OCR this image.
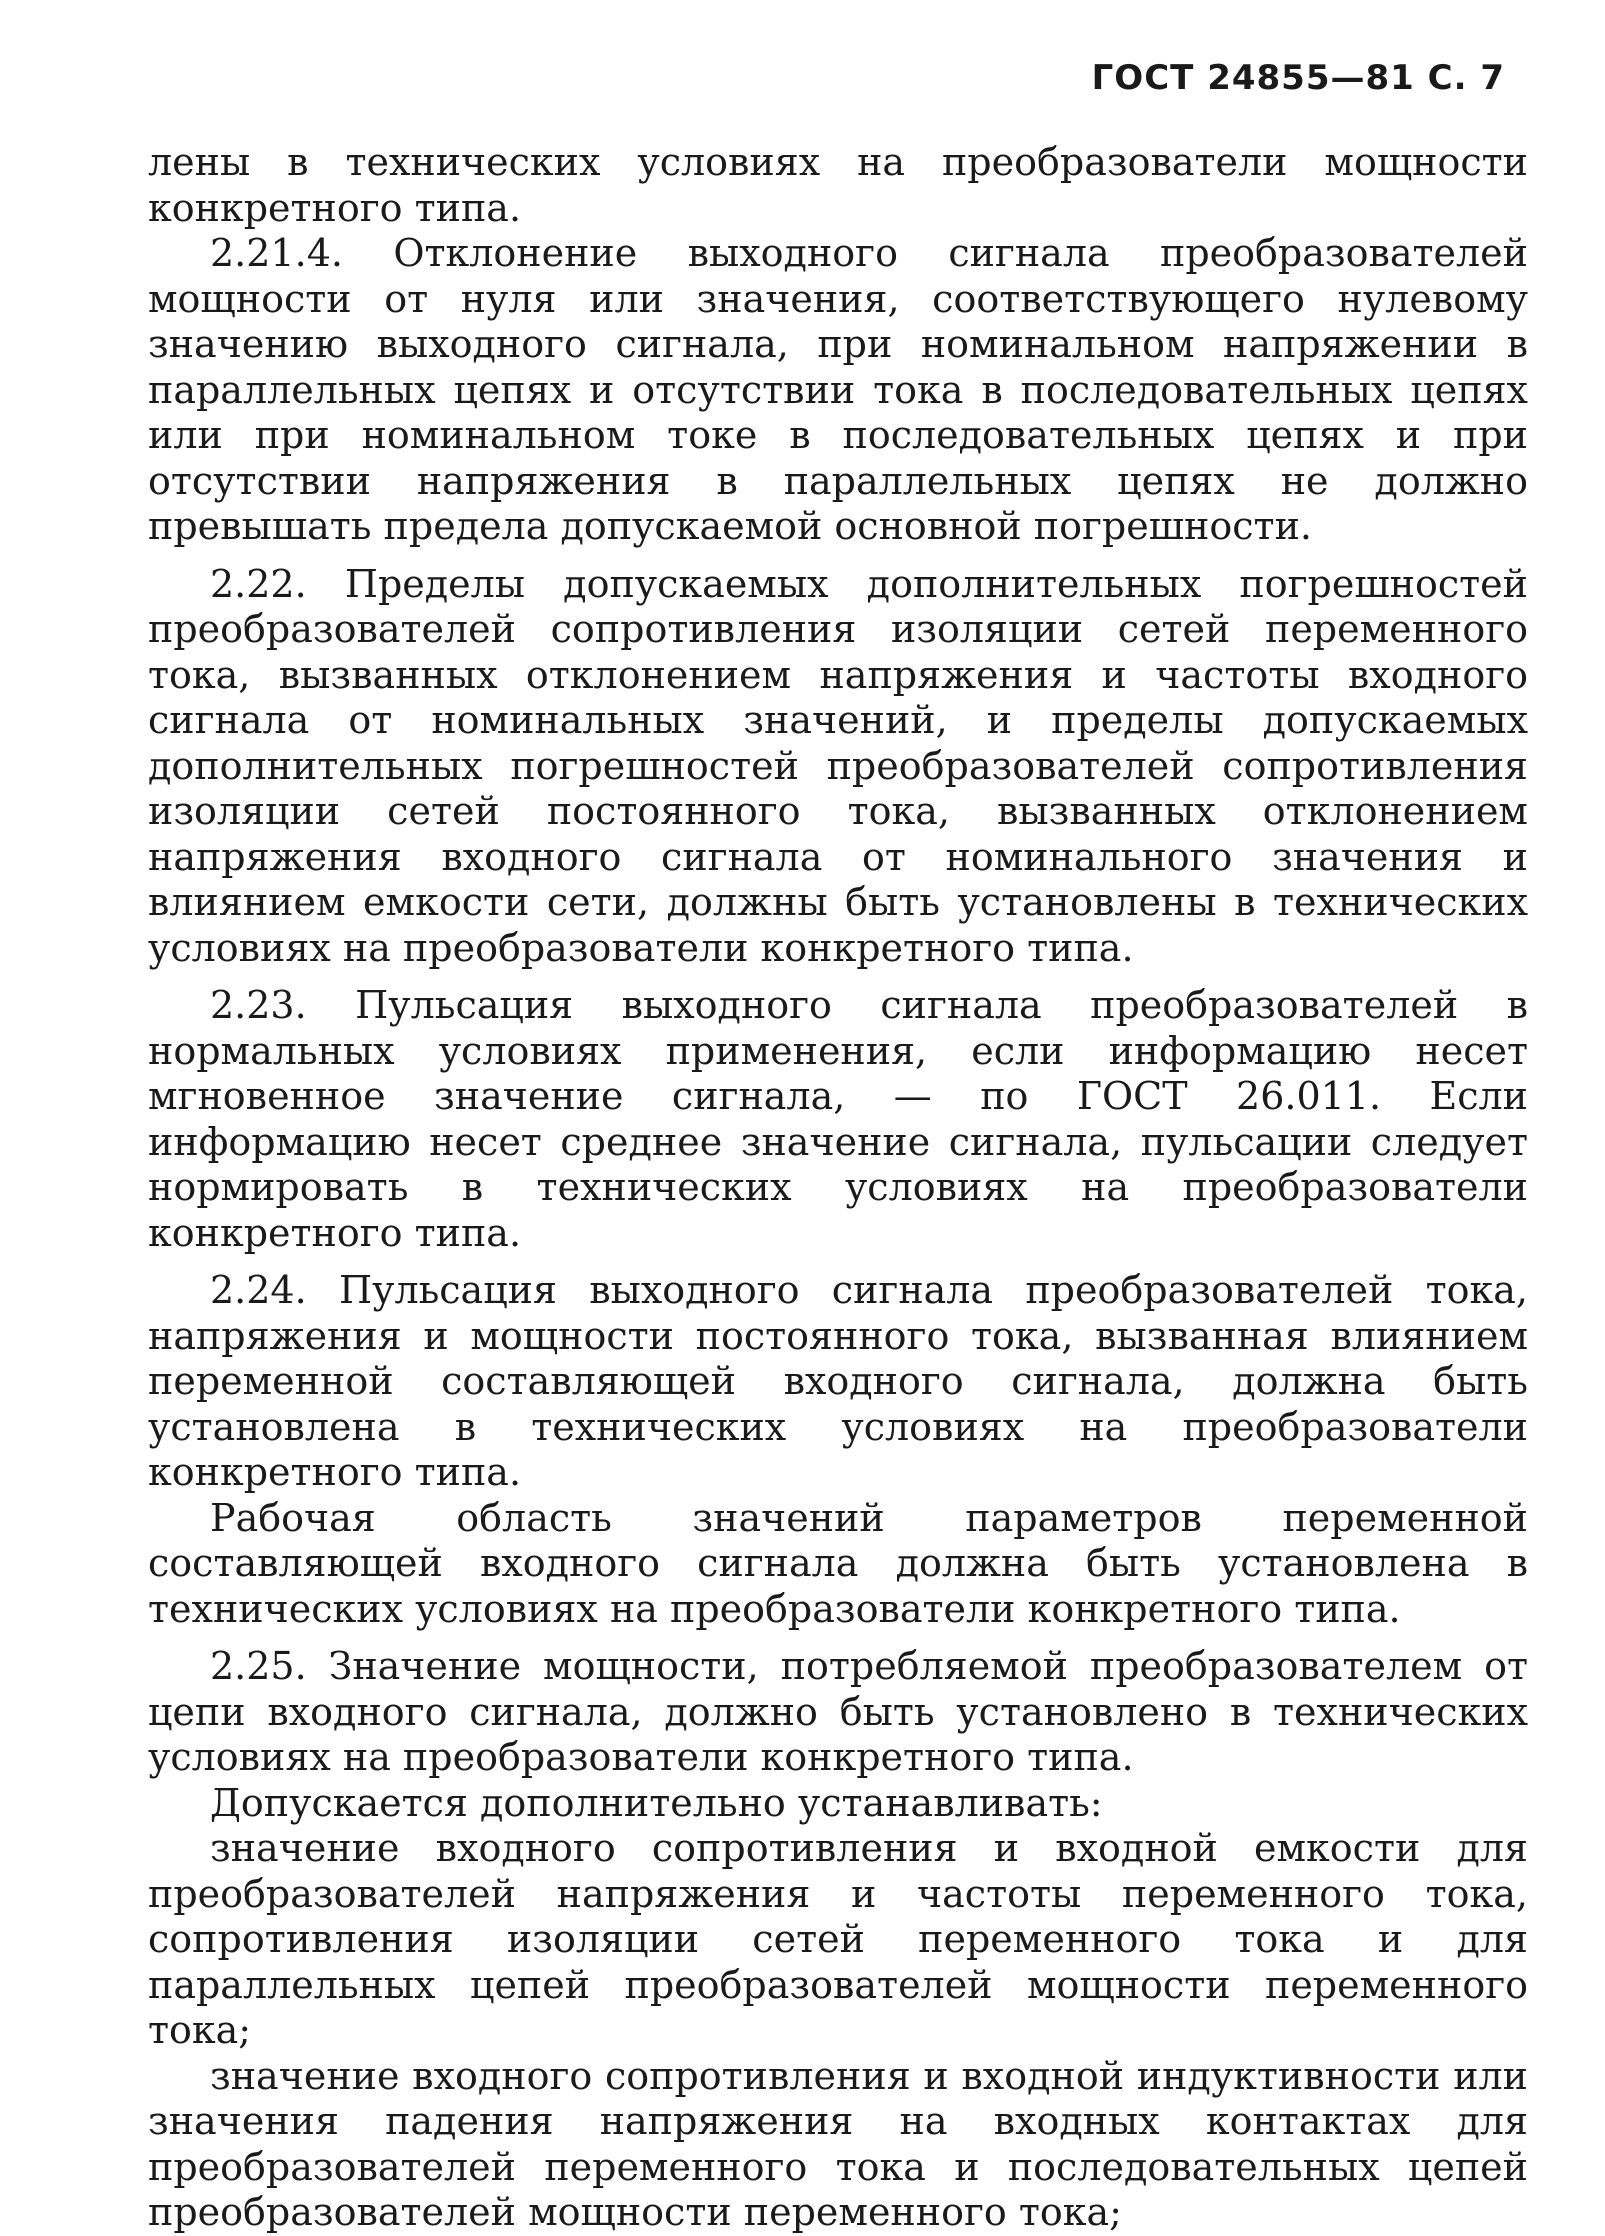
ГОСТ 24855—81 С. 7

лены в технических условиях на преобразователи мощности конкретного типа.

2.21.4. Отклонение выходного сигнала преобразователей мощности от нуля или значения, соответствующего нулевому значению выходного сигнала, при номинальном напряжении в параллельных цепях и отсутствии тока в последовательных цепях или при номинальном токе в последовательных цепях и при отсутствии напряжения в параллельных цепях не должно превышать предела допускаемой основной погрешности.

2.22. Пределы допускаемых дополнительных погрешностей преобразователей сопротивления изоляции сетей переменного тока, вызванных отклонением напряжения и частоты входного сигнала от номинальных значений, и пределы допускаемых дополнительных погрешностей преобразователей сопротивления изоляции сетей постоянного тока, вызванных отклонением напряжения входного сигнала от номинального значения и влиянием емкости сети, должны быть установлены в технических условиях на преобразователи конкретного типа.

2.23. Пульсация выходного сигнала преобразователей в нормальных условиях применения, если информацию несет мгновенное значение сигнала, — по ГОСТ 26.011. Если информацию несет среднее значение сигнала, пульсации следует нормировать в технических условиях на преобразователи конкретного типа.

2.24. Пульсация выходного сигнала преобразователей тока, напряжения и мощности постоянного тока, вызванная влиянием переменной составляющей входного сигнала, должна быть установлена в технических условиях на преобразователи конкретного типа.

Рабочая область значений параметров переменной составляющей входного сигнала должна быть установлена в технических условиях на преобразователи конкретного типа.

2.25. Значение мощности, потребляемой преобразователем от цепи входного сигнала, должно быть установлено в технических условиях на преобразователи конкретного типа.

Допускается дополнительно устанавливать:

значение входного сопротивления и входной емкости для преобразователей напряжения и частоты переменного тока, сопротивления изоляции сетей переменного тока и для параллельных цепей преобразователей мощности переменного тока;

значение входного сопротивления и входной индуктивности или значения падения напряжения на входных контактах для преобразователей переменного тока и последовательных цепей преобразователей мощности переменного тока;
